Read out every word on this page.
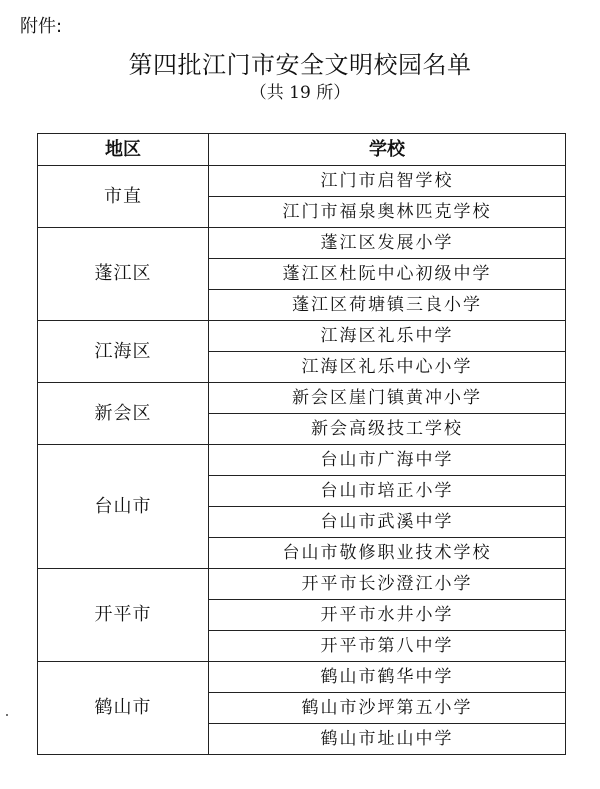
附件:
第四批江门市安全文明校园名单
（共 19 所）
地区	学校
市直	江门市启智学校
	江门市福泉奥林匹克学校
蓬江区	蓬江区发展小学
	蓬江区杜阮中心初级中学
	蓬江区荷塘镇三良小学
江海区	江海区礼乐中学
	江海区礼乐中心小学
新会区	新会区崖门镇黄冲小学
	新会高级技工学校
台山市	台山市广海中学
	台山市培正小学
	台山市武溪中学
	台山市敬修职业技术学校
开平市	开平市长沙澄江小学
	开平市水井小学
	开平市第八中学
鹤山市	鹤山市鹤华中学
	鹤山市沙坪第五小学
	鹤山市址山中学
